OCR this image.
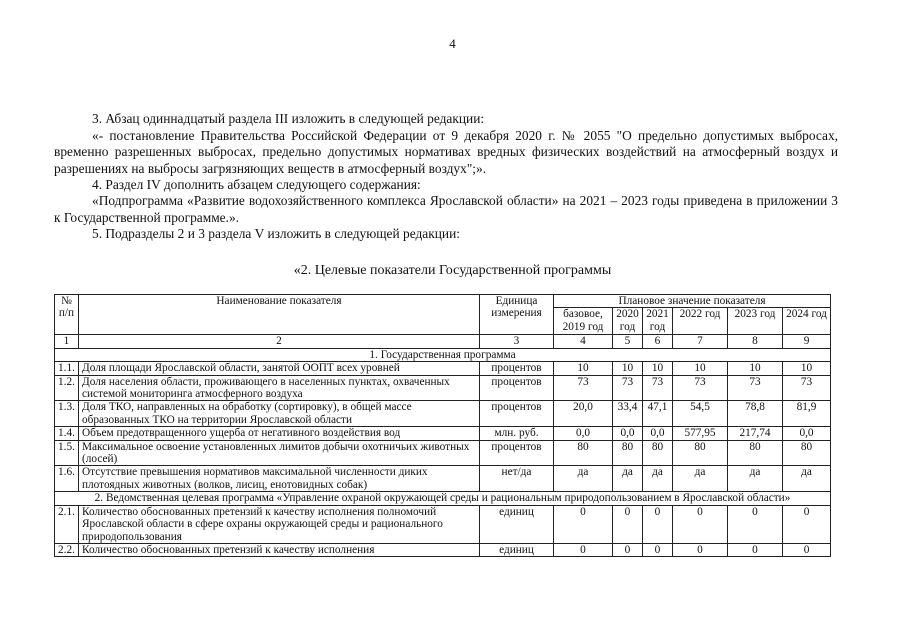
4

3. Абзац одиннадцатый раздела III изложить в следующей редакции:

«- постановление Правительства Российской Федерации от 9 декабря 2020 г. № 2055 "О предельно допустимых выбросах, временно разрешенных выбросах, предельно допустимых нормативах вредных физических воздействий на атмосферный воздух и разрешениях на выбросы загрязняющих веществ в атмосферный воздух";».

4. Раздел IV дополнить абзацем следующего содержания:

«Подпрограмма «Развитие водохозяйственного комплекса Ярославской области» на 2021 – 2023 годы приведена в приложении 3 к Государственной программе.».

5. Подразделы 2 и 3 раздела V изложить в следующей редакции:

«2. Целевые показатели Государственной программы
№ п/п	Наименование показателя	Единица измерения	Плановое значение показателя					
			базовое, 2019 год	2020 год	2021 год	2022 год	2023 год	2024 год
1	2	3	4	5	6	7	8	9
1. Государственная программа								
1.1.	Доля площади Ярославской области, занятой ООПТ всех уровней	процентов	10	10	10	10	10	10
1.2.	Доля населения области, проживающего в населенных пунктах, охваченных системой мониторинга атмосферного воздуха	процентов	73	73	73	73	73	73
1.3.	Доля ТКО, направленных на обработку (сортировку), в общей массе образованных ТКО на территории Ярославской области	процентов	20,0	33,4	47,1	54,5	78,8	81,9
1.4.	Объем предотвращенного ущерба от негативного воздействия вод	млн. руб.	0,0	0,0	0,0	577,95	217,74	0,0
1.5.	Максимальное освоение установленных лимитов добычи охотничьих животных (лосей)	процентов	80	80	80	80	80	80
1.6.	Отсутствие превышения нормативов максимальной численности диких плотоядных животных (волков, лисиц, енотовидных собак)	нет/да	да	да	да	да	да	да
2. Ведомственная целевая программа «Управление охраной окружающей среды и рациональным природопользованием в Ярославской области»								
2.1.	Количество обоснованных претензий к качеству исполнения полномочий Ярославской области в сфере охраны окружающей среды и рационального природопользования	единиц	0	0	0	0	0	0
2.2.	Количество обоснованных претензий к качеству исполнения	единиц	0	0	0	0	0	0
